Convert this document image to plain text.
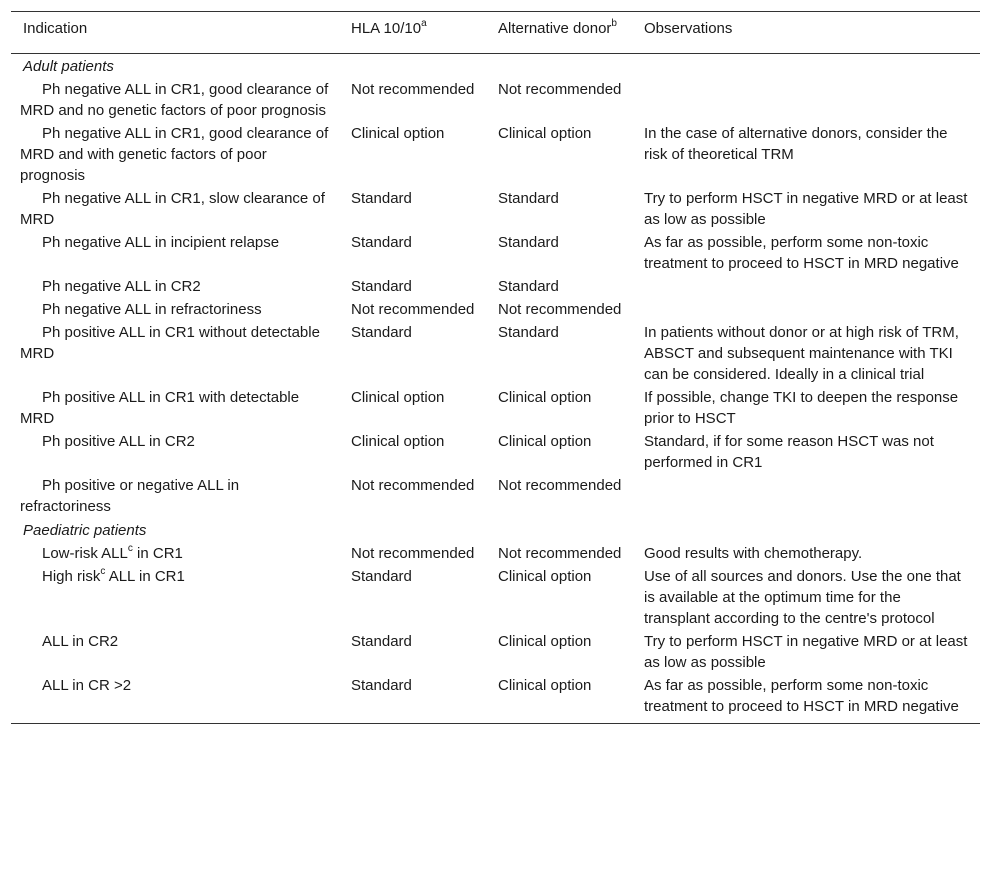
Indication	HLA 10/10$^a$	Alternative donor$^b$	Observations
Adult patients			
Ph negative ALL in CR1, good clearance of MRD and no genetic factors of poor prognosis	Not recommended	Not recommended	
Ph negative ALL in CR1, good clearance of MRD and with genetic factors of poor prognosis	Clinical option	Clinical option	In the case of alternative donors, consider the risk of theoretical TRM
Ph negative ALL in CR1, slow clearance of MRD	Standard	Standard	Try to perform HSCT in negative MRD or at least as low as possible
Ph negative ALL in incipient relapse	Standard	Standard	As far as possible, perform some non-toxic treatment to proceed to HSCT in MRD negative
Ph negative ALL in CR2	Standard	Standard	
Ph negative ALL in refractoriness	Not recommended	Not recommended	
Ph positive ALL in CR1 without detectable MRD	Standard	Standard	In patients without donor or at high risk of TRM, ABSCT and subsequent maintenance with TKI can be considered. Ideally in a clinical trial
Ph positive ALL in CR1 with detectable MRD	Clinical option	Clinical option	If possible, change TKI to deepen the response prior to HSCT
Ph positive ALL in CR2	Clinical option	Clinical option	Standard, if for some reason HSCT was not performed in CR1
Ph positive or negative ALL in refractoriness	Not recommended	Not recommended	
Paediatric patients			
Low-risk ALL$^c$ in CR1	Not recommended	Not recommended	Good results with chemotherapy.
High risk$^c$ ALL in CR1	Standard	Clinical option	Use of all sources and donors. Use the one that is available at the optimum time for the transplant according to the centre's protocol
ALL in CR2	Standard	Clinical option	Try to perform HSCT in negative MRD or at least as low as possible
ALL in CR >2	Standard	Clinical option	As far as possible, perform some non-toxic treatment to proceed to HSCT in MRD negative
